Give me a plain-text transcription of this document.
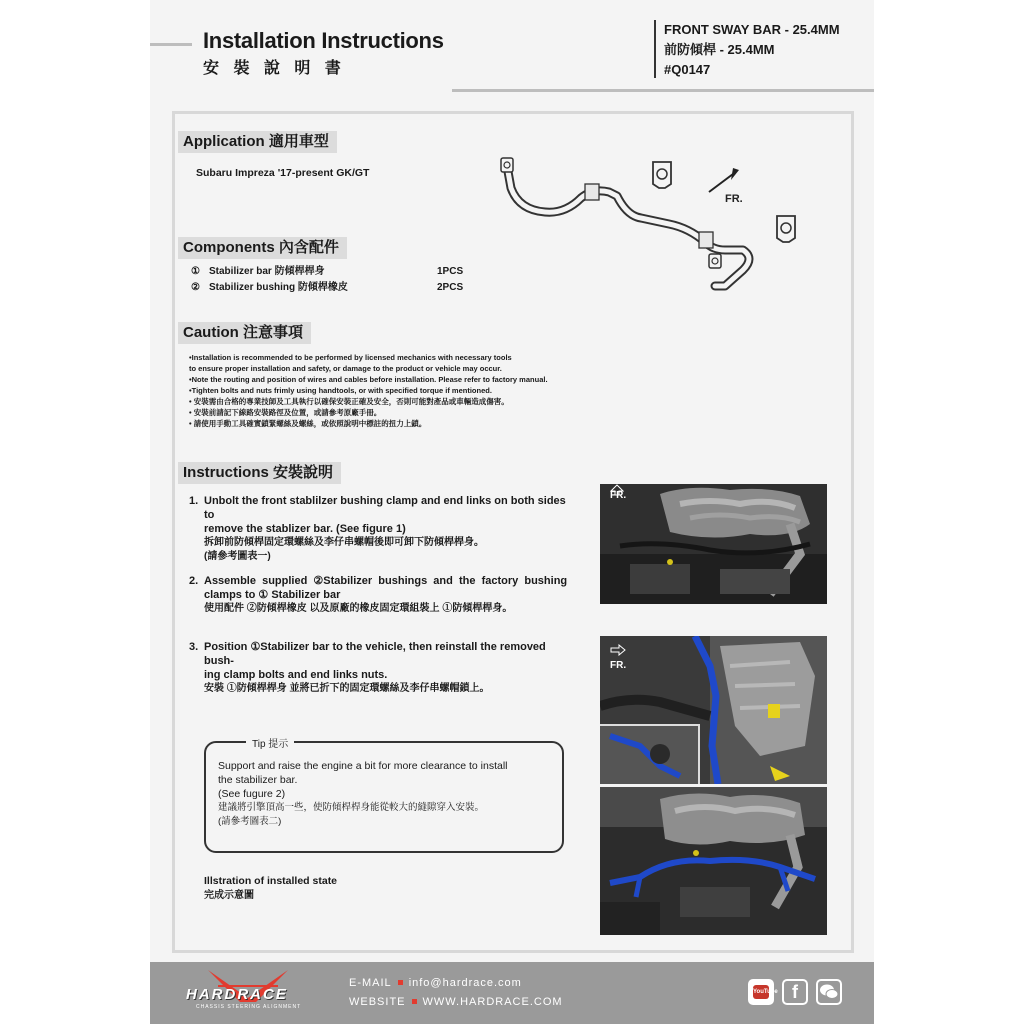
Installation Instructions
安 裝 說 明 書
FRONT SWAY BAR - 25.4MM
前防傾桿 - 25.4MM
#Q0147
Application 適用車型
Subaru Impreza '17-present GK/GT
FR.
Components 內含配件
① Stabilizer bar 防傾桿桿身	1PCS
② Stabilizer bushing 防傾桿橡皮	2PCS
Caution 注意事項
•Installation is recommended to be performed by licensed mechanics with necessary tools
to ensure proper installation and safety, or damage to the product or vehicle may occur.
•Note the routing and position of wires and cables before installation. Please refer to factory manual.
•Tighten bolts and nuts frimly using handtools, or with specified torque if mentioned.
• 安裝需由合格的專業技師及工具執行以確保安裝正確及安全，否則可能對產品或車輛造成傷害。
• 安裝前請記下線路安裝路徑及位置，或請參考原廠手冊。
• 請使用手動工具確實鎖緊螺絲及螺絲，或依照說明中標註的扭力上鎖。
Instructions 安裝說明
1. Unbolt the front stablilzer bushing clamp and end links on both sides to
remove the stablizer bar. (See figure 1)
拆卸前防傾桿固定環螺絲及李仔串螺帽後即可卸下防傾桿桿身。
(請參考圖表一)
2. Assemble  supplied  ②Stabilizer  bushings  and  the  factory  bushing
clamps to ① Stabilizer bar
使用配件 ②防傾桿橡皮 以及原廠的橡皮固定環組裝上 ①防傾桿桿身。
3. Position ①Stabilizer bar to the vehicle, then reinstall the removed bush-
ing clamp bolts and end links nuts.
安裝 ①防傾桿桿身 並將已折下的固定環螺絲及李仔串螺帽鎖上。
Tip 提示
Support and raise the engine a bit for more clearance to install
the stabilizer bar.
(See fugure 2)
建議將引擎頂高一些，使防傾桿桿身能從較大的縫隙穿入安裝。
(請參考圖表二)
Illstration of installed state
完成示意圖
FR.
FR.
HARDRACE
CHASSIS STEERING ALIGNMENT
E-MAIL info@hardrace.com
WEBSITE WWW.HARDRACE.COM
YouTube f
